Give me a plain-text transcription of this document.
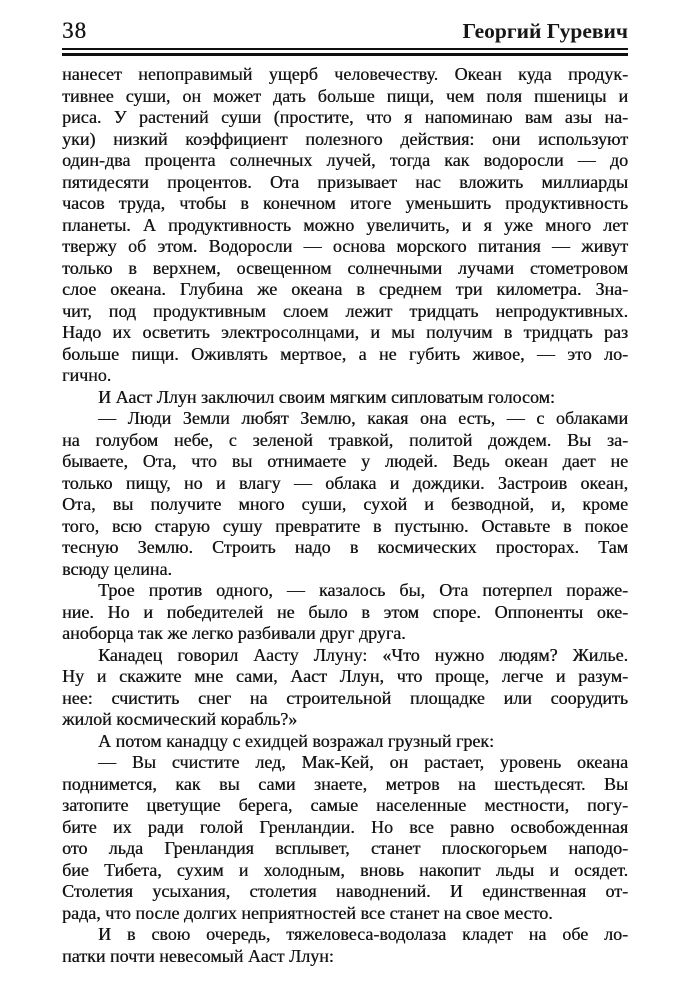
38	Георгий Гуревич
нанесет непоправимый ущерб человечеству. Океан куда продук-
тивнее суши, он может дать больше пищи, чем поля пшеницы и
риса. У растений суши (простите, что я напоминаю вам азы на-
уки) низкий коэффициент полезного действия: они используют
один-два процента солнечных лучей, тогда как водоросли — до
пятидесяти процентов. Ота призывает нас вложить миллиарды
часов труда, чтобы в конечном итоге уменьшить продуктивность
планеты. А продуктивность можно увеличить, и я уже много лет
твержу об этом. Водоросли — основа морского питания — живут
только в верхнем, освещенном солнечными лучами стометровом
слое океана. Глубина же океана в среднем три километра. Зна-
чит, под продуктивным слоем лежит тридцать непродуктивных.
Надо их осветить электросолнцами, и мы получим в тридцать раз
больше пищи. Оживлять мертвое, а не губить живое, — это ло-
гично.
И Ааст Ллун заключил своим мягким сипловатым голосом:
— Люди Земли любят Землю, какая она есть, — с облаками
на голубом небе, с зеленой травкой, политой дождем. Вы за-
бываете, Ота, что вы отнимаете у людей. Ведь океан дает не
только пищу, но и влагу — облака и дождики. Застроив океан,
Ота, вы получите много суши, сухой и безводной, и, кроме
того, всю старую сушу превратите в пустыню. Оставьте в покое
тесную Землю. Строить надо в космических просторах. Там
всюду целина.
Трое против одного, — казалось бы, Ота потерпел пораже-
ние. Но и победителей не было в этом споре. Оппоненты оке-
аноборца так же легко разбивали друг друга.
Канадец говорил Аасту Ллуну: «Что нужно людям? Жилье.
Ну и скажите мне сами, Ааст Ллун, что проще, легче и разум-
нее: счистить снег на строительной площадке или соорудить
жилой космический корабль?»
А потом канадцу с ехидцей возражал грузный грек:
— Вы счистите лед, Мак-Кей, он растает, уровень океана
поднимется, как вы сами знаете, метров на шестьдесят. Вы
затопите цветущие берега, самые населенные местности, погу-
бите их ради голой Гренландии. Но все равно освобожденная
ото льда Гренландия всплывет, станет плоскогорьем наподо-
бие Тибета, сухим и холодным, вновь накопит льды и осядет.
Столетия усыхания, столетия наводнений. И единственная от-
рада, что после долгих неприятностей все станет на свое место.
И в свою очередь, тяжеловеса-водолаза кладет на обе ло-
патки почти невесомый Ааст Ллун:
